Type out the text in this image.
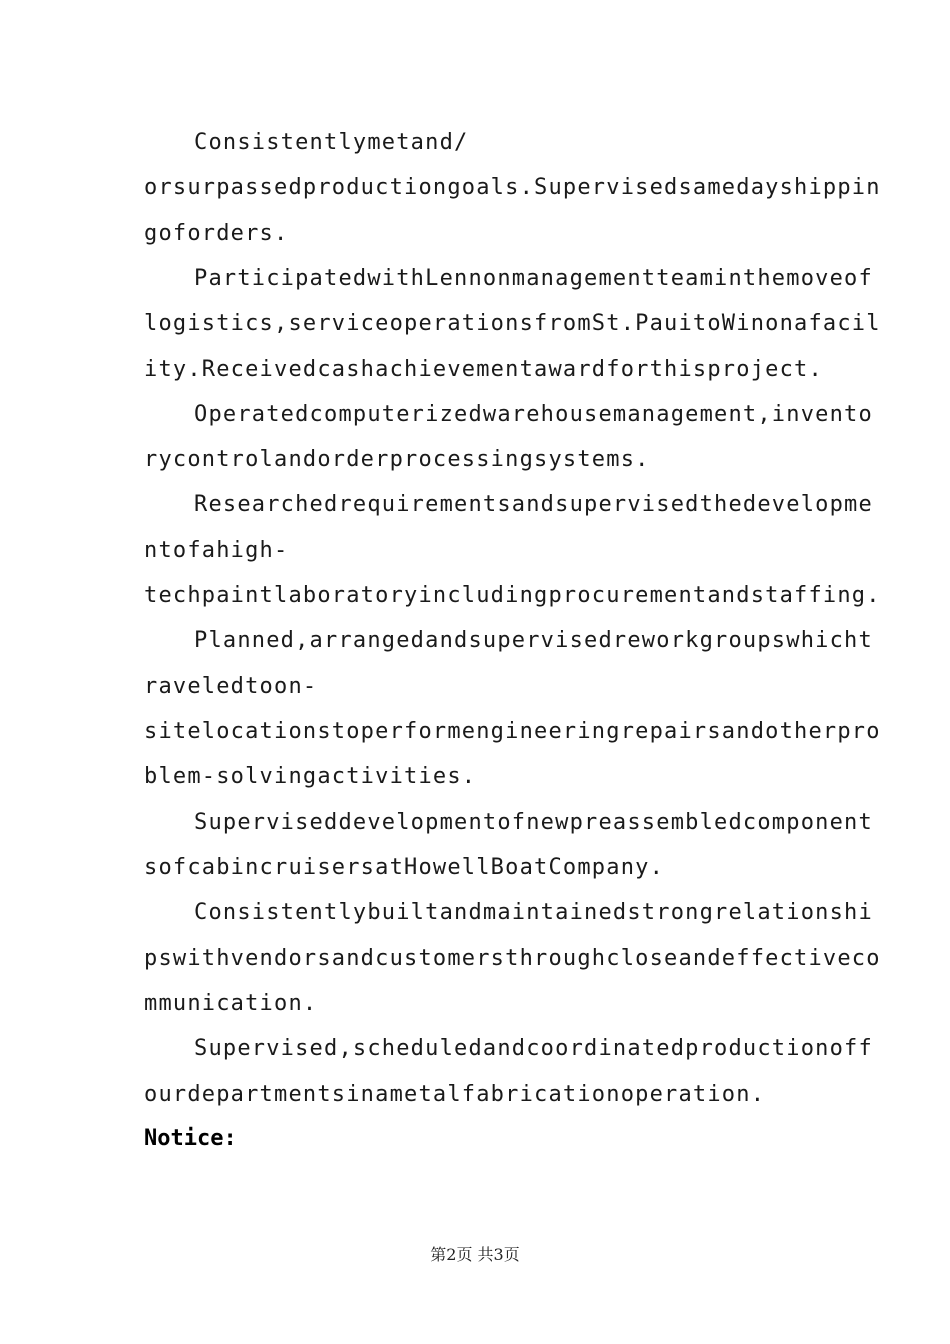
Consistentlymetand/
orsurpassedproductiongoals.Supervisedsamedayshippin
goforders.
ParticipatedwithLennonmanagementteaminthemoveof
logistics,serviceoperationsfromSt.PauitoWinonafacil
ity.Receivedcashachievementawardforthisproject.
Operatedcomputerizedwarehousemanagement,invento
rycontrolandorderprocessingsystems.
Researchedrequirementsandsupervisedthedevelopme
ntofahigh-
techpaintlaboratoryincludingprocurementandstaffing.
Planned,arrangedandsupervisedreworkgroupswhicht
raveledtoon-
sitelocationstoperformengineeringrepairsandotherpro
blem-solvingactivities.
Superviseddevelopmentofnewpreassembledcomponent
sofcabincruisersatHowellBoatCompany.
Consistentlybuiltandmaintainedstrongrelationshi
pswithvendorsandcustomersthroughcloseandeffectiveco
mmunication.
Supervised,scheduledandcoordinatedproductionoff
ourdepartmentsinametalfabricationoperation.
Notice:
第2页 共3页
